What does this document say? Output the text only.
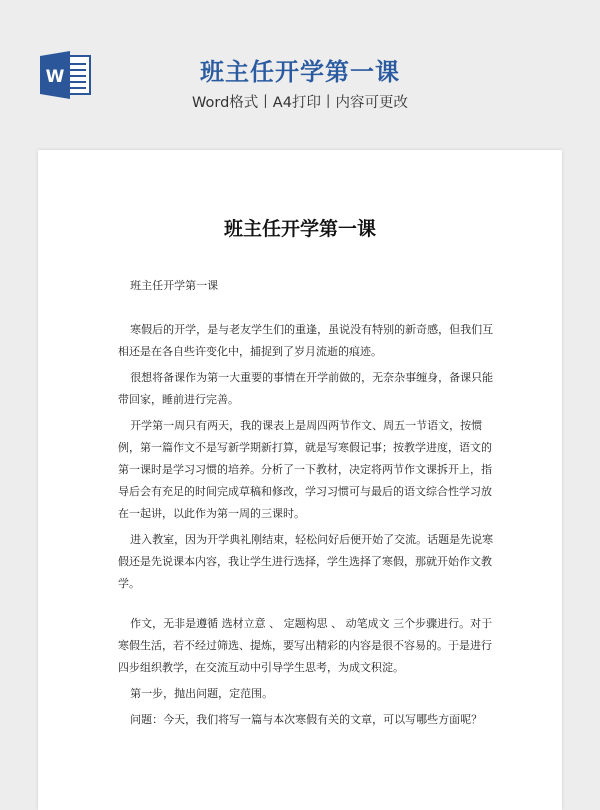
W	班主任开学第一课
Word格式丨A4打印丨内容可更改
班主任开学第一课

班主任开学第一课

寒假后的开学，是与老友学生们的重逢，虽说没有特别的新奇感，但我们互相还是在各自些许变化中，捕捉到了岁月流逝的痕迹。

很想将备课作为第一大重要的事情在开学前做的，无奈杂事缠身，备课只能带回家，睡前进行完善。

开学第一周只有两天，我的课表上是周四两节作文、周五一节语文，按惯例，第一篇作文不是写新学期新打算，就是写寒假记事；按教学进度，语文的第一课时是学习习惯的培养。分析了一下教材，决定将两节作文课拆开上，指导后会有充足的时间完成草稿和修改，学习习惯可与最后的语文综合性学习放在一起讲，以此作为第一周的三课时。

进入教室，因为开学典礼刚结束，轻松问好后便开始了交流。话题是先说寒假还是先说课本内容，我让学生进行选择，学生选择了寒假，那就开始作文教学。

作文，无非是遵循 选材立意 、 定题构思 、 动笔成文 三个步骤进行。对于寒假生活，若不经过筛选、提炼，要写出精彩的内容是很不容易的。于是进行四步组织教学，在交流互动中引导学生思考，为成文积淀。

第一步，抛出问题，定范围。

问题：今天，我们将写一篇与本次寒假有关的文章，可以写哪些方面呢？
